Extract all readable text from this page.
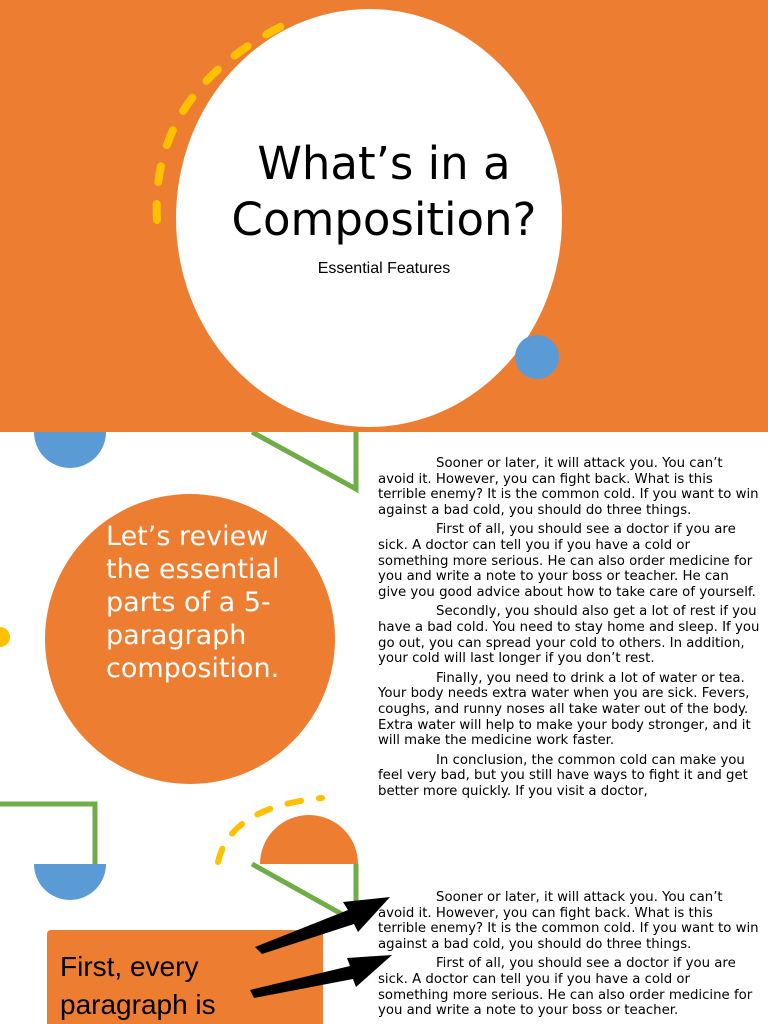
What’s in a
Composition?
Essential Features
Let’s review the essential parts of a 5-paragraph composition.

Sooner or later, it will attack you. You can’t avoid it. However, you can fight back. What is this terrible enemy? It is the common cold. If you want to win against a bad cold, you should do three things.

First of all, you should see a doctor if you are sick. A doctor can tell you if you have a cold or something more serious. He can also order medicine for you and write a note to your boss or teacher. He can give you good advice about how to take care of yourself.

Secondly, you should also get a lot of rest if you have a bad cold. You need to stay home and sleep. If you go out, you can spread your cold to others. In addition, your cold will last longer if you don’t rest.

Finally, you need to drink a lot of water or tea. Your body needs extra water when you are sick. Fevers, coughs, and runny noses all take water out of the body. Extra water will help to make your body stronger, and it will make the medicine work faster.

In conclusion, the common cold can make you feel very bad, but you still have ways to fight it and get better more quickly. If you visit a doctor,

Sooner or later, it will attack you. You can’t avoid it. However, you can fight back. What is this terrible enemy? It is the common cold. If you want to win against a bad cold, you should do three things.

First of all, you should see a doctor if you are sick. A doctor can tell you if you have a cold or something more serious. He can also order medicine for you and write a note to your boss or teacher.

First, every
paragraph is
